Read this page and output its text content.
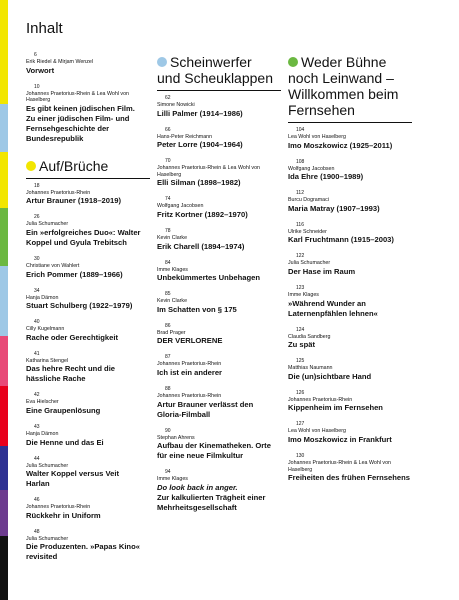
Inhalt
6
Erik Riedel & Mirjam Wenzel
Vorwort
10
Johannes Praetorius-Rhein & Lea Wohl von Haselberg
Es gibt keinen jüdischen Film. Zu einer jüdischen Film- und Fernsehgeschichte der Bundesrepublik
Auf/Brüche
18
Johannes Praetorius-Rhein
Artur Brauner (1918–2019)
26
Julia Schumacher
Ein »erfolgreiches Duo«: Walter Koppel und Gyula Trebitsch
30
Christiane von Wahlert
Erich Pommer (1889–1966)
34
Hanja Dämon
Stuart Schulberg (1922–1979)
40
Cilly Kugelmann
Rache oder Gerechtigkeit
41
Katharina Stengel
Das hehre Recht und die hässliche Rache
42
Eva Hielscher
Eine Graupenlösung
43
Hanja Dämon
Die Henne und das Ei
44
Julia Schumacher
Walter Koppel versus Veit Harlan
46
Johannes Praetorius-Rhein
Rückkehr in Uniform
48
Julia Schumacher
Die Produzenten. »Papas Kino« revisited
Scheinwerfer und Scheuklappen
62
Simone Nowicki
Lilli Palmer (1914–1986)
66
Hans-Peter Reichmann
Peter Lorre (1904–1964)
70
Johannes Praetorius-Rhein & Lea Wohl von Haselberg
Elli Silman (1898–1982)
74
Wolfgang Jacobsen
Fritz Kortner (1892–1970)
78
Kevin Clarke
Erik Charell (1894–1974)
84
Imme Klages
Unbekümmertes Unbehagen
85
Kevin Clarke
Im Schatten von § 175
86
Brad Prager
DER VERLORENE
87
Johannes Praetorius-Rhein
Ich ist ein anderer
88
Johannes Praetorius-Rhein
Artur Brauner verlässt den Gloria-Filmball
90
Stephan Ahrens
Aufbau der Kinematheken. Orte für eine neue Filmkultur
94
Imme Klages
Do look back in anger.
Zur kalkulierten Trägheit einer Mehrheitsgesellschaft
Weder Bühne noch Leinwand – Willkommen beim Fernsehen
104
Lea Wohl von Haselberg
Imo Moszkowicz (1925–2011)
108
Wolfgang Jacobsen
Ida Ehre (1900–1989)
112
Burcu Dogramaci
Maria Matray (1907–1993)
116
Ulrike Schneider
Karl Fruchtmann (1915–2003)
122
Julia Schumacher
Der Hase im Raum
123
Imme Klages
»Während Wunder an Laternenpfählen lehnen«
124
Claudia Sandberg
Zu spät
125
Matthias Naumann
Die (un)sichtbare Hand
126
Johannes Praetorius-Rhein
Kippenheim im Fernsehen
127
Lea Wohl von Haselberg
Imo Moszkowicz in Frankfurt
130
Johannes Praetorius-Rhein & Lea Wohl von Haselberg
Freiheiten des frühen Fernsehens
